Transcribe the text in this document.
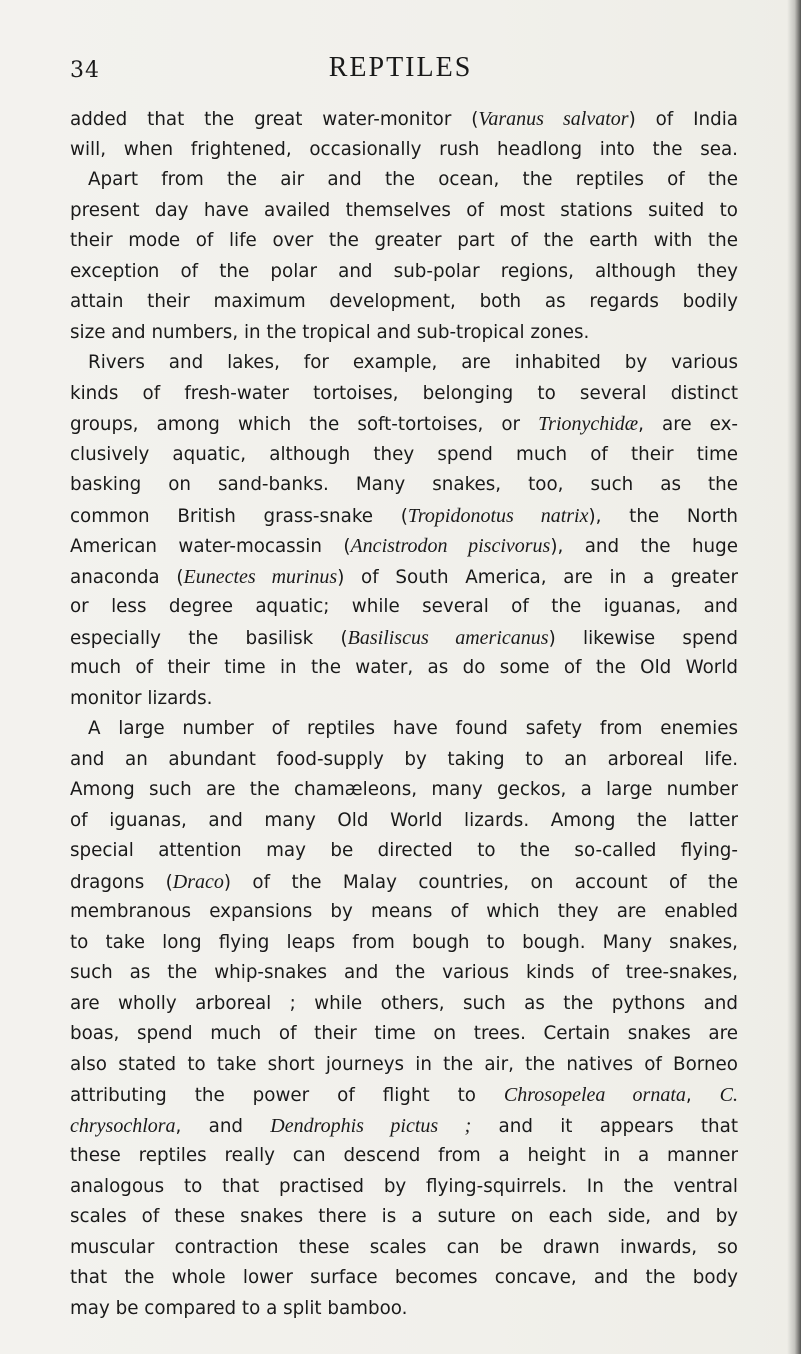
34	REPTILES
added that the great water-monitor (Varanus salvator) of India
will, when frightened, occasionally rush headlong into the sea.
Apart from the air and the ocean, the reptiles of the
present day have availed themselves of most stations suited to
their mode of life over the greater part of the earth with the
exception of the polar and sub-polar regions, although they
attain their maximum development, both as regards bodily
size and numbers, in the tropical and sub-tropical zones.
Rivers and lakes, for example, are inhabited by various
kinds of fresh-water tortoises, belonging to several distinct
groups, among which the soft-tortoises, or Trionychidæ, are ex-
clusively aquatic, although they spend much of their time
basking on sand-banks. Many snakes, too, such as the
common British grass-snake (Tropidonotus natrix), the North
American water-mocassin (Ancistrodon piscivorus), and the huge
anaconda (Eunectes murinus) of South America, are in a greater
or less degree aquatic; while several of the iguanas, and
especially the basilisk (Basiliscus americanus) likewise spend
much of their time in the water, as do some of the Old World
monitor lizards.
A large number of reptiles have found safety from enemies
and an abundant food-supply by taking to an arboreal life.
Among such are the chamæleons, many geckos, a large number
of iguanas, and many Old World lizards. Among the latter
special attention may be directed to the so-called flying-
dragons (Draco) of the Malay countries, on account of the
membranous expansions by means of which they are enabled
to take long flying leaps from bough to bough. Many snakes,
such as the whip-snakes and the various kinds of tree-snakes,
are wholly arboreal ; while others, such as the pythons and
boas, spend much of their time on trees. Certain snakes are
also stated to take short journeys in the air, the natives of Borneo
attributing the power of flight to Chrosopelea ornata, C.
chrysochlora, and Dendrophis pictus ; and it appears that
these reptiles really can descend from a height in a manner
analogous to that practised by flying-squirrels. In the ventral
scales of these snakes there is a suture on each side, and by
muscular contraction these scales can be drawn inwards, so
that the whole lower surface becomes concave, and the body
may be compared to a split bamboo.
